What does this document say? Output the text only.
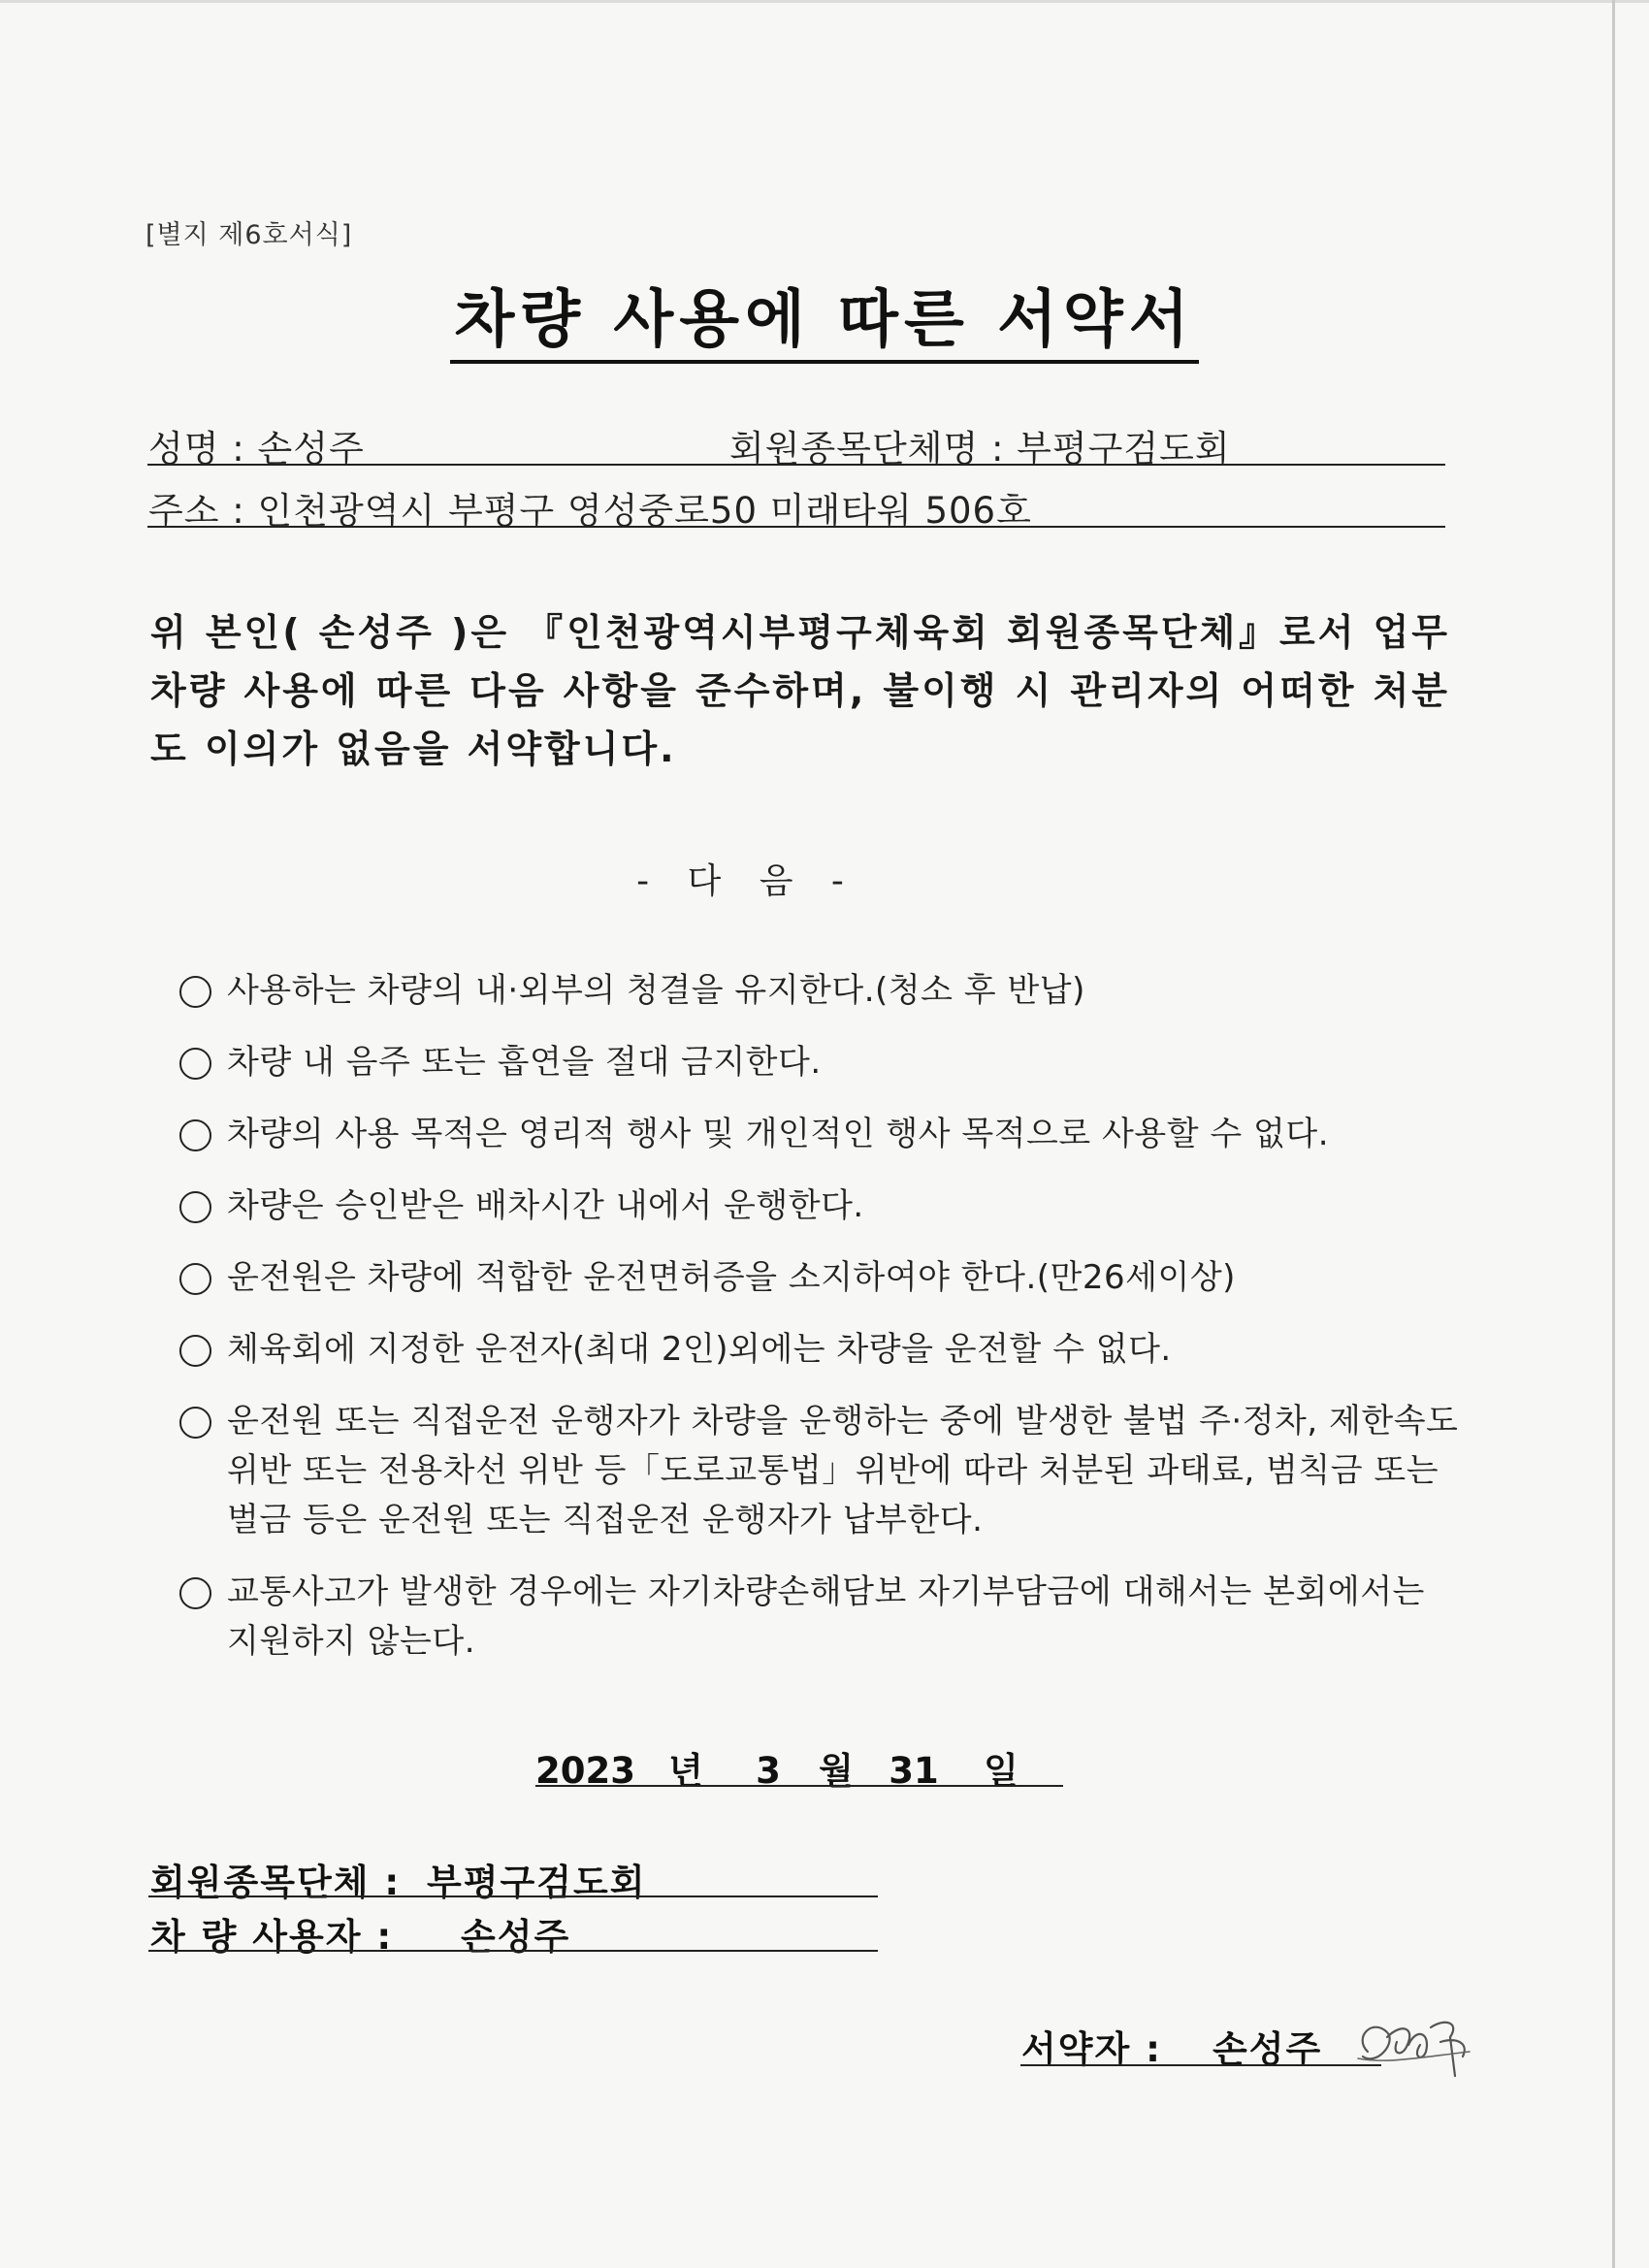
[별지 제6호서식]
차량 사용에 따른 서약서
성명 : 손성주	회원종목단체명 : 부평구검도회
주소 : 인천광역시 부평구 영성중로50 미래타워 506호
위 본인( 손성주 )은 『인천광역시부평구체육회 회원종목단체』로서 업무차량 사용에 따른 다음 사항을 준수하며, 불이행 시 관리자의 어떠한 처분도 이의가 없음을 서약합니다.
- 다 음 -
사용하는 차량의 내·외부의 청결을 유지한다.(청소 후 반납)
차량 내 음주 또는 흡연을 절대 금지한다.
차량의 사용 목적은 영리적 행사 및 개인적인 행사 목적으로 사용할 수 없다.
차량은 승인받은 배차시간 내에서 운행한다.
운전원은 차량에 적합한 운전면허증을 소지하여야 한다.(만26세이상)
체육회에 지정한 운전자(최대 2인)외에는 차량을 운전할 수 없다.
운전원 또는 직접운전 운행자가 차량을 운행하는 중에 발생한 불법 주·정차, 제한속도 위반 또는 전용차선 위반 등「도로교통법」위반에 따라 처분된 과태료, 범칙금 또는 벌금 등은 운전원 또는 직접운전 운행자가 납부한다.
교통사고가 발생한 경우에는 자기차량손해담보 자기부담금에 대해서는 본회에서는 지원하지 않는다.
2023 년 3 월 31 일
회원종목단체 : 부평구검도회
차 량 사용자 : 손성주
서약자 : 손성주
